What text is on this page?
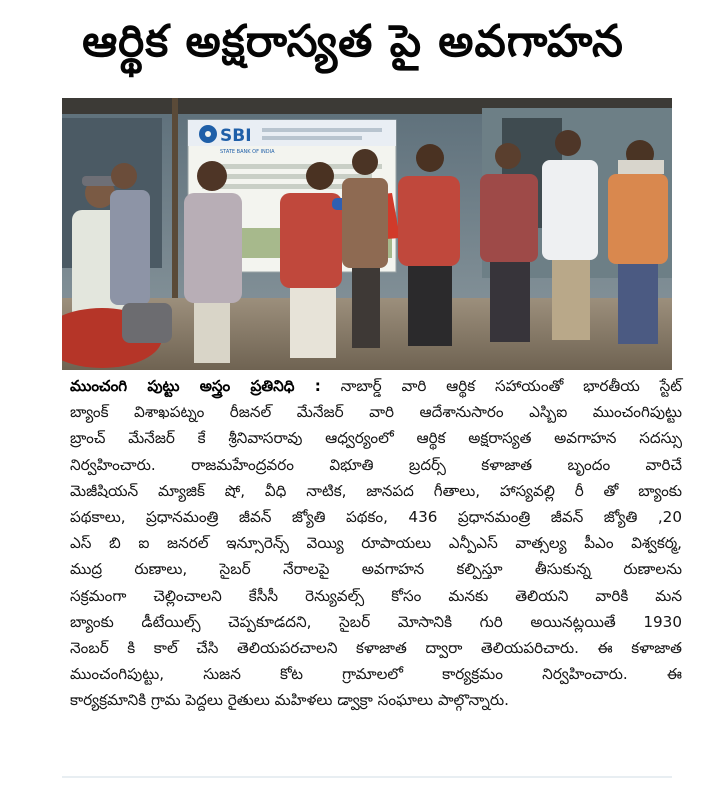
ఆర్థిక అక్షరాస్యత పై అవగాహన
SBI
STATE BANK OF INDIA
ముంచంగి పుట్టు అస్త్రం ప్రతినిధి : నాబార్డ్ వారి ఆర్థిక సహాయంతో భారతీయ స్టేట్
బ్యాంక్ విశాఖపట్నం రీజనల్ మేనేజర్ వారి ఆదేశానుసారం ఎస్బిఐ ముంచంగిపుట్టు
బ్రాంచ్ మేనేజర్ కే శ్రీనివాసరావు ఆధ్వర్యంలో ఆర్థిక అక్షరాస్యత అవగాహన సదస్సు
నిర్వహించారు. రాజమహేంద్రవరం విభూతి బ్రదర్స్ కళాజాత బృందం వారిచే
మెజీషియన్ మ్యాజిక్ షో, వీధి నాటిక, జానపద గీతాలు, హాస్యవల్లి రీ తో బ్యాంకు
పథకాలు, ప్రధానమంత్రి జీవన్ జ్యోతి పథకం, 436 ప్రధానమంత్రి జీవన్ జ్యోతి ,20
ఎస్ బి ఐ జనరల్ ఇన్సూరెన్స్ వెయ్యి రూపాయలు ఎన్పీఎస్ వాత్సల్య పీఎం విశ్వకర్మ,
ముద్ర రుణాలు, సైబర్ నేరాలపై అవగాహన కల్పిస్తూ తీసుకున్న రుణాలను
సక్రమంగా చెల్లించాలని కేసీసీ రెన్యువల్స్ కోసం మనకు తెలియని వారికి మన
బ్యాంకు డీటేయిల్స్ చెప్పకూడదని, సైబర్ మోసానికి గురి అయినట్లయితే 1930
నెంబర్ కి కాల్ చేసి తెలియపరచాలని కళాజాత ద్వారా తెలియపరిచారు. ఈ కళాజాత
ముంచంగిపుట్టు, సుజన కోట గ్రామాలలో కార్యక్రమం నిర్వహించారు. ఈ
కార్యక్రమానికి గ్రామ పెద్దలు రైతులు మహిళలు డ్వాక్రా సంఘాలు పాల్గొన్నారు.
